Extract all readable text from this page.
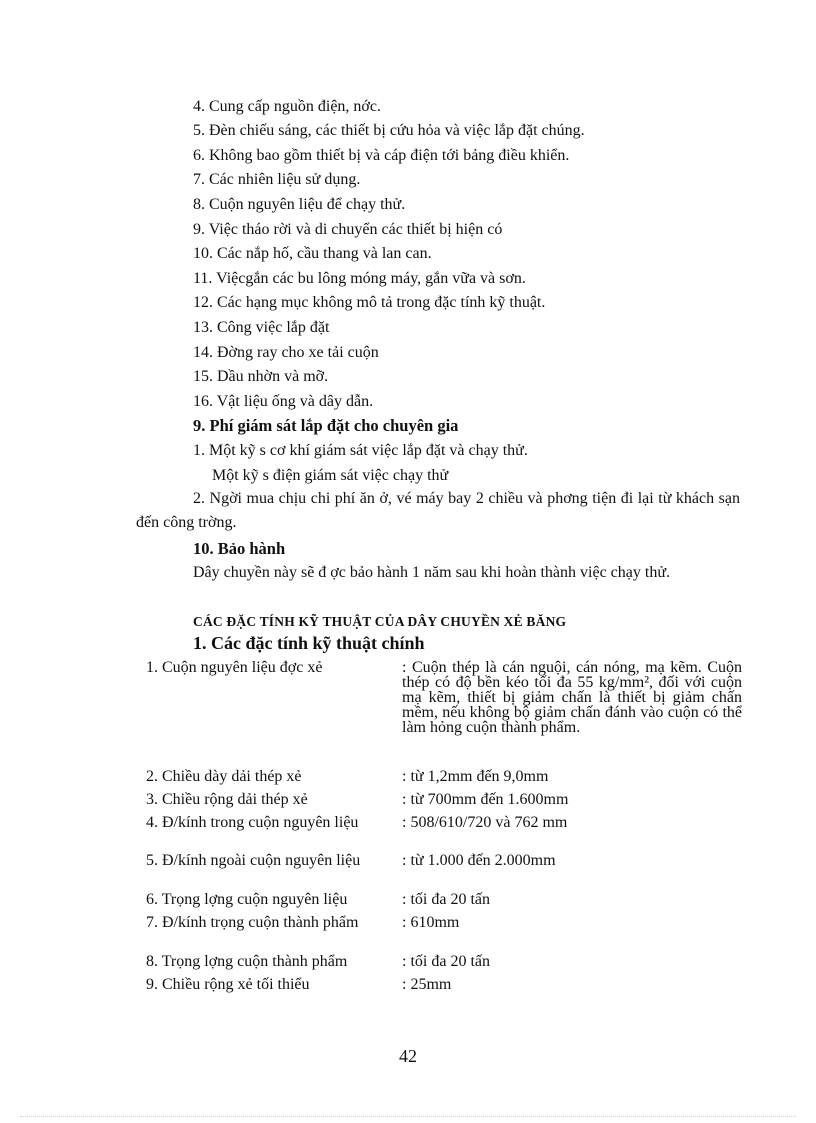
4. Cung cấp nguồn điện, nớc.
5. Đèn chiếu sáng, các thiết bị cứu hỏa và việc lắp đặt chúng.
6. Không bao gồm thiết bị và cáp điện tới bảng điều khiển.
7. Các nhiên liệu sử dụng.
8. Cuộn nguyên liệu để chạy thử.
9. Việc tháo rời và di chuyển các thiết bị hiện có
10. Các nắp hố, cầu thang và lan can.
11. Việcgắn các bu lông móng máy, gắn vữa và sơn.
12. Các hạng mục không mô tả trong đặc tính kỹ thuật.
13. Công việc lắp đặt
14. Đờng ray cho xe tải cuộn
15. Dầu nhờn và mỡ.
16. Vật liệu ống và dây dẫn.
9. Phí giám sát lắp đặt cho chuyên gia
1. Một kỹ s cơ khí giám sát việc lắp đặt và chạy thử.
Một kỹ s điện giám sát việc chạy thử
2. Ngời mua chịu chi phí ăn ở, vé máy bay 2 chiều và phơng tiện đi lại từ khách sạn đến công trờng.
10. Bảo hành
Dây chuyền này sẽ đ ợc bảo hành 1 năm sau khi hoàn thành việc chạy thử.
CÁC ĐẶC TÍNH KỸ THUẬT CỦA DÂY CHUYỀN XẺ BĂNG
1. Các đặc tính kỹ thuật chính
1. Cuộn nguyên liệu đợc xẻ	: Cuộn thép là cán nguội, cán nóng, mạ kẽm. Cuộn thép có độ bền kéo tối đa 55 kg/mm², đối với cuộn mạ kẽm, thiết bị giảm chấn là thiết bị giảm chấn mềm, nếu không bộ giảm chấn đánh vào cuộn có thể làm hỏng cuộn thành phẩm.
2. Chiều dày dải thép xẻ	: từ 1,2mm đến 9,0mm
3. Chiều rộng dải thép xẻ	: từ 700mm đến 1.600mm
4. Đ/kính trong cuộn nguyên liệu	: 508/610/720 và 762 mm
5. Đ/kính ngoài cuộn nguyên liệu	: từ 1.000 đến 2.000mm
6. Trọng lợng cuộn nguyên liệu	: tối đa 20 tấn
7. Đ/kính trọng cuộn thành phẩm	: 610mm
8. Trọng lợng cuộn thành phẩm	: tối đa 20 tấn
9. Chiều rộng xẻ tối thiểu	: 25mm
42
